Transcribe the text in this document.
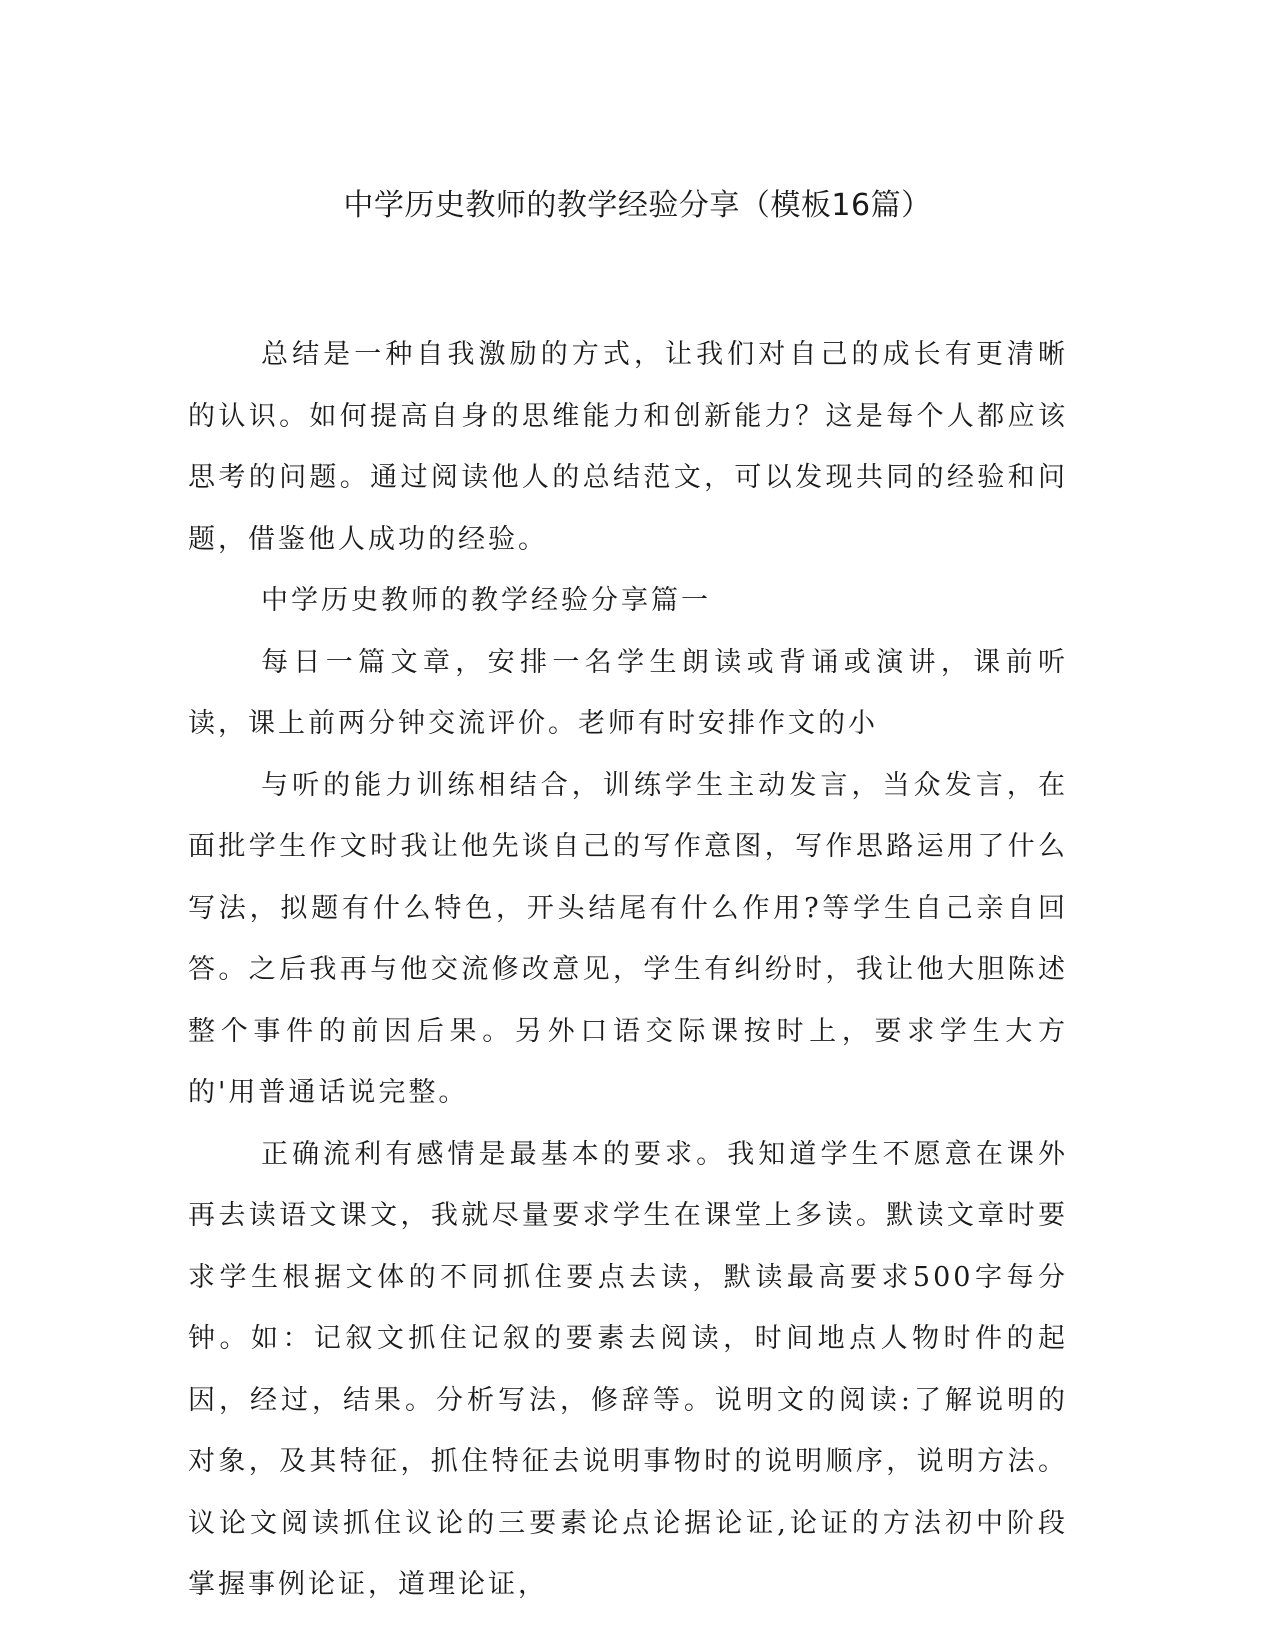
中学历史教师的教学经验分享（模板16篇）

总结是一种自我激励的方式，让我们对自己的成长有更清晰的认识。如何提高自身的思维能力和创新能力？这是每个人都应该思考的问题。通过阅读他人的总结范文，可以发现共同的经验和问题，借鉴他人成功的经验。

中学历史教师的教学经验分享篇一

每日一篇文章，安排一名学生朗读或背诵或演讲，课前听读，课上前两分钟交流评价。老师有时安排作文的小

与听的能力训练相结合，训练学生主动发言，当众发言，在面批学生作文时我让他先谈自己的写作意图，写作思路运用了什么写法，拟题有什么特色，开头结尾有什么作用?等学生自己亲自回答。之后我再与他交流修改意见，学生有纠纷时，我让他大胆陈述整个事件的前因后果。另外口语交际课按时上，要求学生大方的'用普通话说完整。

正确流利有感情是最基本的要求。我知道学生不愿意在课外再去读语文课文，我就尽量要求学生在课堂上多读。默读文章时要求学生根据文体的不同抓住要点去读，默读最高要求500字每分钟。如：记叙文抓住记叙的要素去阅读，时间地点人物时件的起因，经过，结果。分析写法，修辞等。说明文的阅读:了解说明的对象，及其特征，抓住特征去说明事物时的说明顺序，说明方法。议论文阅读抓住议论的三要素论点论据论证,论证的方法初中阶段掌握事例论证，道理论证，
